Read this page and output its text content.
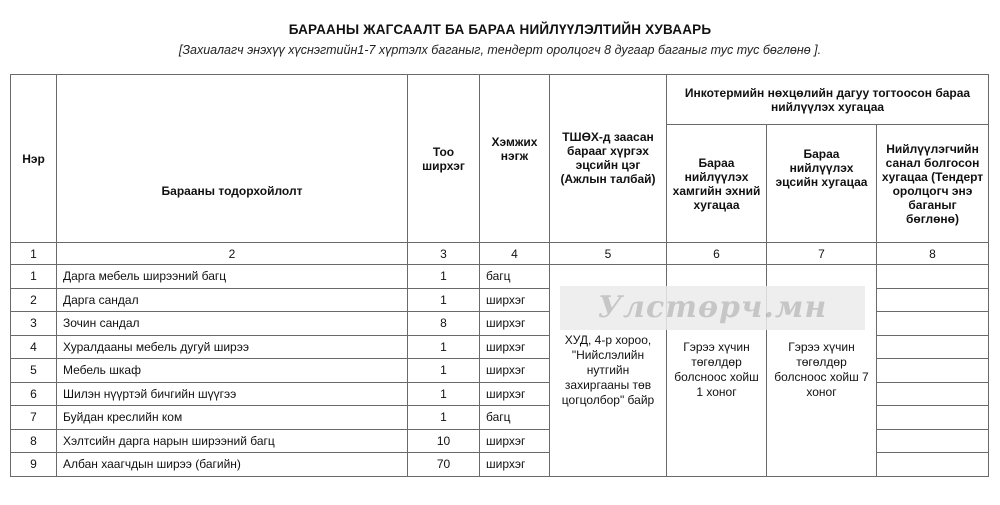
БАРААНЫ ЖАГСААЛТ БА БАРАА НИЙЛҮҮЛЭЛТИЙН ХУВААРЬ
[Захиалагч энэхүү хүснэгтийн1-7 хүртэлх баганыг, тендерт оролцогч 8 дугаар баганыг тус тус бөглөнө ].
Нэр	Барааны тодорхойлолт	Тоо ширхэг	Хэмжих нэгж	ТШӨХ-д заасан барааг хүргэх эцсийн цэг (Ажлын талбай)	Инкотермийн нөхцөлийн дагуу тогтоосон бараа нийлүүлэх хугацаа		
					Бараа нийлүүлэх хамгийн эхний хугацаа	Бараа нийлүүлэх эцсийн хугацаа	Нийлүүлэгчийн санал болгосон хугацаа (Тендерт оролцогч энэ баганыг бөглөнө)
1	2	3	4	5	6	7	8
1	Дарга мебель ширээний багц	1	багц	ХУД, 4-р хороо, "Нийслэлийн нутгийн захиргааны төв цогцолбор" байр	Гэрээ хүчин төгөлдөр болсноос хойш 1 хоног	Гэрээ хүчин төгөлдөр болсноос хойш 7 хоног	
2	Дарга сандал	1	ширхэг				
3	Зочин сандал	8	ширхэг				
4	Хуралдааны мебель дугуй ширээ	1	ширхэг				
5	Мебель шкаф	1	ширхэг				
6	Шилэн нүүртэй бичгийн шүүгээ	1	ширхэг				
7	Буйдан креслийн ком	1	багц				
8	Хэлтсийн дарга нарын ширээний багц	10	ширхэг				
9	Албан хаагчдын ширээ (багийн)	70	ширхэг				
Улстөрч.мн
